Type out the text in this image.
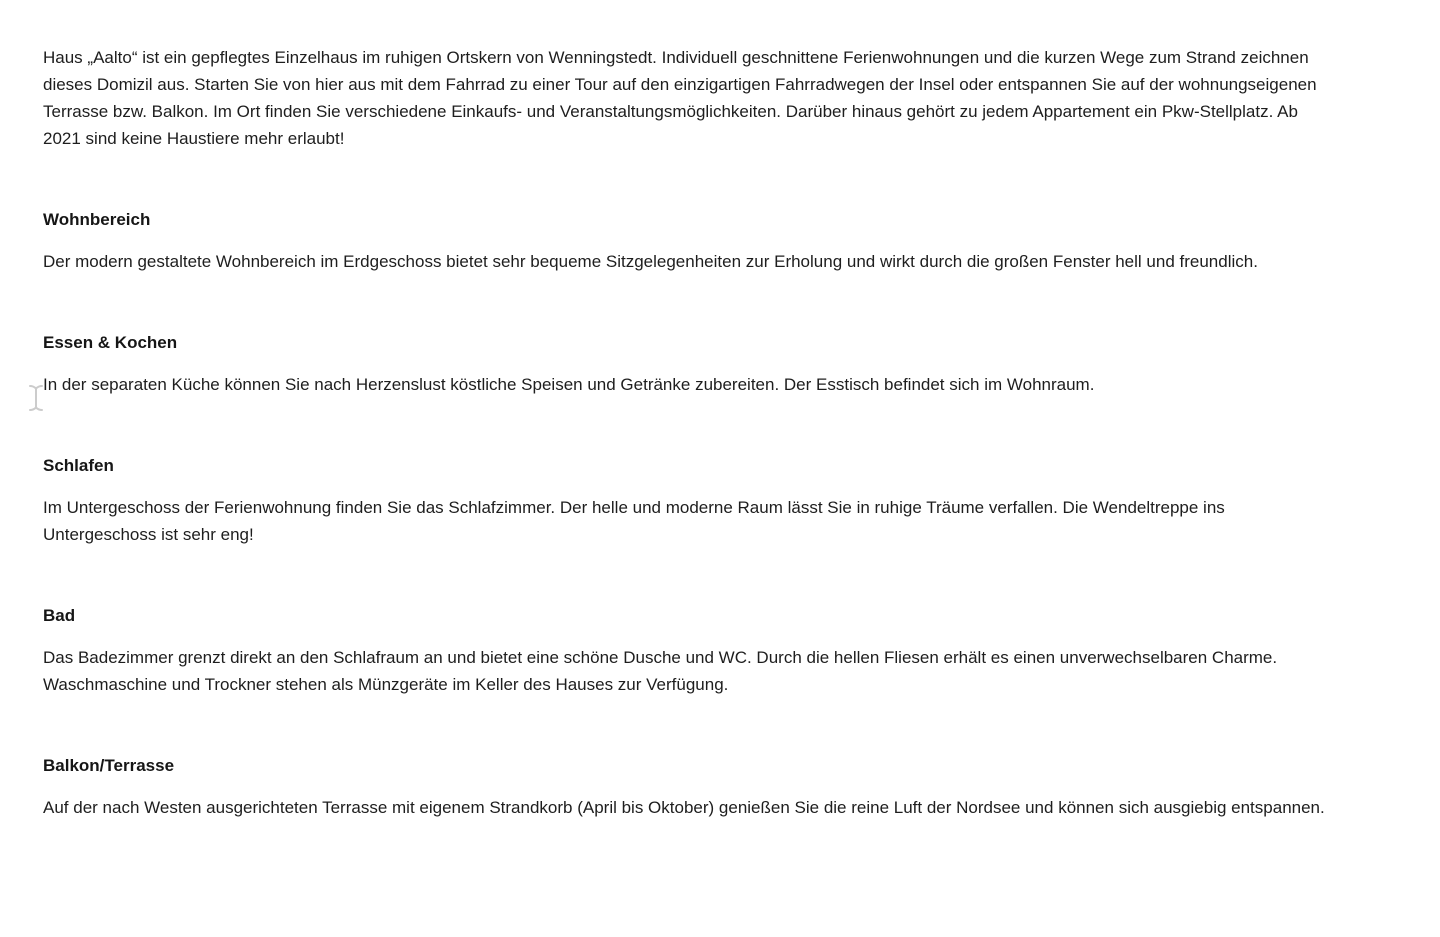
Haus „Aalto“ ist ein gepflegtes Einzelhaus im ruhigen Ortskern von Wenningstedt. Individuell geschnittene Ferienwohnungen und die kurzen Wege zum Strand zeichnen dieses Domizil aus. Starten Sie von hier aus mit dem Fahrrad zu einer Tour auf den einzigartigen Fahrradwegen der Insel oder entspannen Sie auf der wohnungseigenen Terrasse bzw. Balkon. Im Ort finden Sie verschiedene Einkaufs- und Veranstaltungsmöglichkeiten. Darüber hinaus gehört zu jedem Appartement ein Pkw-Stellplatz. Ab 2021 sind keine Haustiere mehr erlaubt!

Wohnbereich

Der modern gestaltete Wohnbereich im Erdgeschoss bietet sehr bequeme Sitzgelegenheiten zur Erholung und wirkt durch die großen Fenster hell und freundlich.

Essen & Kochen

In der separaten Küche können Sie nach Herzenslust köstliche Speisen und Getränke zubereiten. Der Esstisch befindet sich im Wohnraum.

Schlafen

Im Untergeschoss der Ferienwohnung finden Sie das Schlafzimmer. Der helle und moderne Raum lässt Sie in ruhige Träume verfallen. Die Wendeltreppe ins Untergeschoss ist sehr eng!

Bad

Das Badezimmer grenzt direkt an den Schlafraum an und bietet eine schöne Dusche und WC. Durch die hellen Fliesen erhält es einen unverwechselbaren Charme. Waschmaschine und Trockner stehen als Münzgeräte im Keller des Hauses zur Verfügung.

Balkon/Terrasse

Auf der nach Westen ausgerichteten Terrasse mit eigenem Strandkorb (April bis Oktober) genießen Sie die reine Luft der Nordsee und können sich ausgiebig entspannen.
